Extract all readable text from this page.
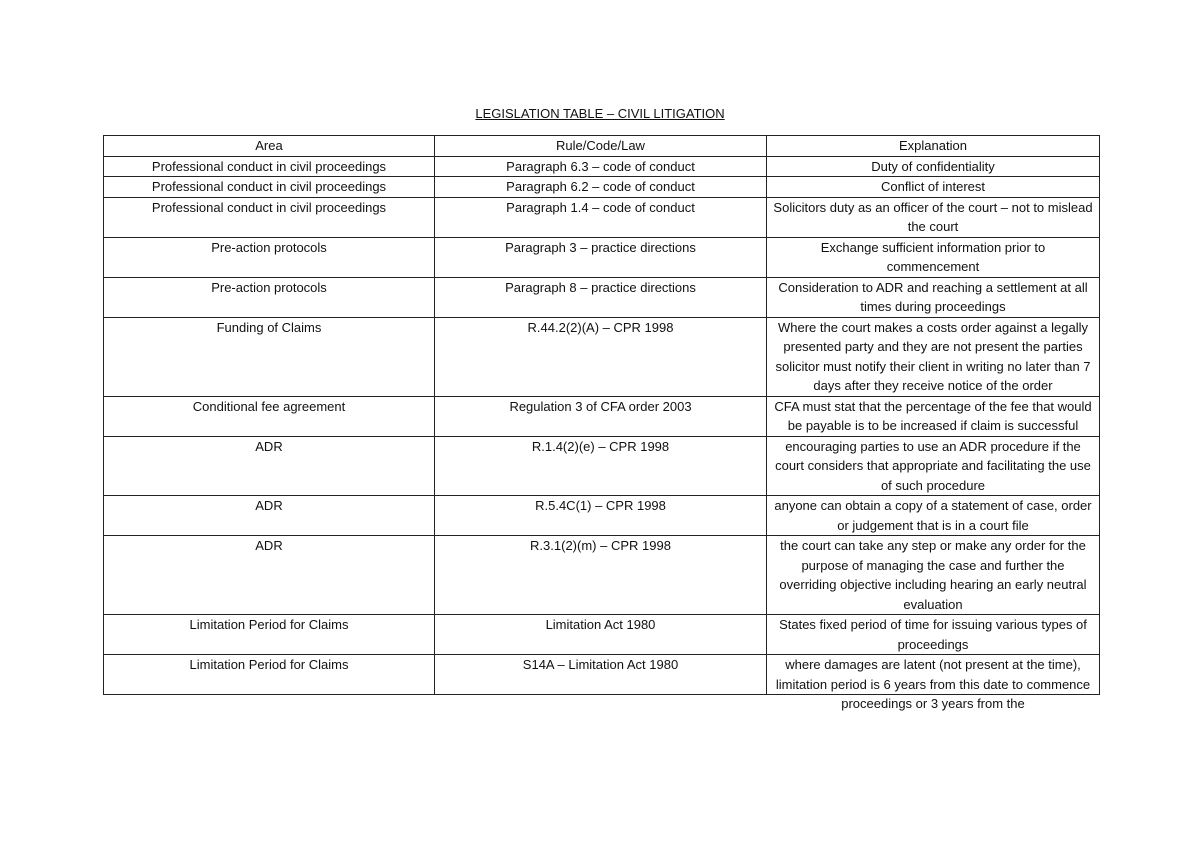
LEGISLATION TABLE – CIVIL LITIGATION
Area	Rule/Code/Law	Explanation
Professional conduct in civil proceedings	Paragraph 6.3 – code of conduct	Duty of confidentiality

Professional conduct in civil proceedings	Paragraph 6.2 – code of conduct	Conflict of interest

Professional conduct in civil proceedings	Paragraph 1.4 – code of conduct	Solicitors duty as an officer of the court – not to mislead the court

Pre-action protocols	Paragraph 3 – practice directions	Exchange sufficient information prior to commencement

Pre-action protocols	Paragraph 8 – practice directions	Consideration to ADR and reaching a settlement at all times during proceedings

Funding of Claims	R.44.2(2)(A) – CPR 1998	Where the court makes a costs order against a legally presented party and they are not present the parties solicitor must notify their client in writing no later than 7 days after they receive notice of the order

Conditional fee agreement	Regulation 3 of CFA order 2003	CFA must stat that the percentage of the fee that would be payable is to be increased if claim is successful

ADR	R.1.4(2)(e) – CPR 1998	encouraging parties to use an ADR procedure if the court considers that appropriate and facilitating the use of such procedure

ADR	R.5.4C(1) – CPR 1998	anyone can obtain a copy of a statement of case, order or judgement that is in a court file

ADR	R.3.1(2)(m) – CPR 1998	the court can take any step or make any order for the purpose of managing the case and further the overriding objective including hearing an early neutral evaluation

Limitation Period for Claims	Limitation Act 1980	States fixed period of time for issuing various types of proceedings

Limitation Period for Claims	S14A – Limitation Act 1980	where damages are latent (not present at the time), limitation period is 6 years from this date to commence proceedings or 3 years from the
